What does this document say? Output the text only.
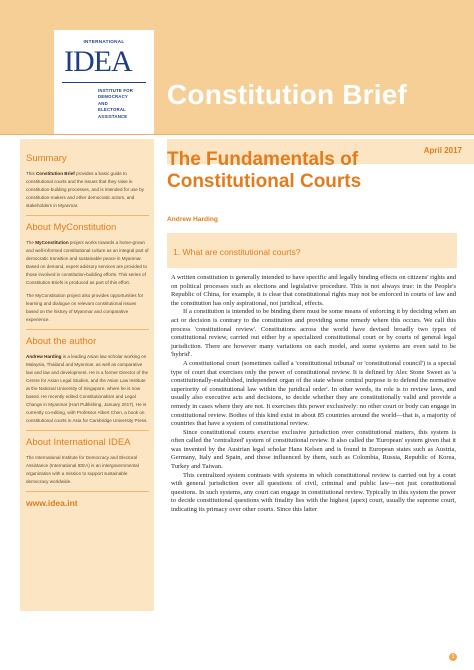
INTERNATIONAL
IDEA
INSTITUTE FOR
DEMOCRACY
AND
ELECTORAL
ASSISTANCE
Constitution Brief
April 2017
Summary

This Constitution Brief provides a basic guide to constitutional courts and the issues that they raise in constitution-building processes, and is intended for use by constitution-makers and other democratic actors, and stakeholders in Myanmar.

About MyConstitution

The MyConstitution project works towards a home-grown and well-informed constitutional culture as an integral part of democratic transition and sustainable peace in Myanmar. Based on demand, expert advisory services are provided to those involved in constitution-building efforts. This series of Constitution Briefs is produced as part of this effort.

The MyConstitution project also provides opportunities for learning and dialogue on relevant constitutional issues based on the history of Myanmar and comparative experience.

About the author

Andrew Harding is a leading Asian law scholar working on Malaysia, Thailand and Myanmar, as well as comparative law and law and development. He is a former Director of the Centre for Asian Legal Studies, and the Asian Law Institute at the National University of Singapore, where he is now based. He recently edited Constitutionalism and Legal Change in Myanmar (Hart Publishing, January 2017). He is currently co-editing, with Professor Albert Chen, a book on constitutional courts in Asia for Cambridge University Press.

About International IDEA

The International Institute for Democracy and Electoral Assistance (International IDEA) is an intergovernmental organization with a mission to support sustainable democracy worldwide.

www.idea.int
The Fundamentals of Constitutional Courts
Andrew Harding
1. What are constitutional courts?

A written constitution is generally intended to have specific and legally binding effects on citizens' rights and on political processes such as elections and legislative procedure. This is not always true: in the People's Republic of China, for example, it is clear that constitutional rights may not be enforced in courts of law and the constitution has only aspirational, not juridical, effects.

If a constitution is intended to be binding there must be some means of enforcing it by deciding when an act or decision is contrary to the constitution and providing some remedy where this occurs. We call this process 'constitutional review'. Constitutions across the world have devised broadly two types of constitutional review, carried out either by a specialized constitutional court or by courts of general legal jurisdiction. There are however many variations on each model, and some systems are even said to be 'hybrid'.

A constitutional court (sometimes called a 'constitutional tribunal' or 'constitutional council') is a special type of court that exercises only the power of constitutional review. It is defined by Alec Stone Sweet as 'a constitutionally-established, independent organ of the state whose central purpose is to defend the normative superiority of constitutional law within the juridical order'. In other words, its role is to review laws, and usually also executive acts and decisions, to decide whether they are constitutionally valid and provide a remedy in cases where they are not. It exercises this power exclusively: no other court or body can engage in constitutional review. Bodies of this kind exist in about 85 countries around the world—that is, a majority of countries that have a system of constitutional review.

Since constitutional courts exercise exclusive jurisdiction over constitutional matters, this system is often called the 'centralized' system of constitutional review. It also called the 'European' system given that it was invented by the Austrian legal scholar Hans Kelsen and is found in European states such as Austria, Germany, Italy and Spain, and those influenced by them, such as Colombia, Russia, Republic of Korea, Turkey and Taiwan.

This centralized system contrasts with systems in which constitutional review is carried out by a court with general jurisdiction over all questions of civil, criminal and public law—not just constitutional questions. In such systems, any court can engage in constitutional review. Typically in this system the power to decide constitutional questions with finality lies with the highest (apex) court, usually the supreme court, indicating its primacy over other courts. Since this latter

1
